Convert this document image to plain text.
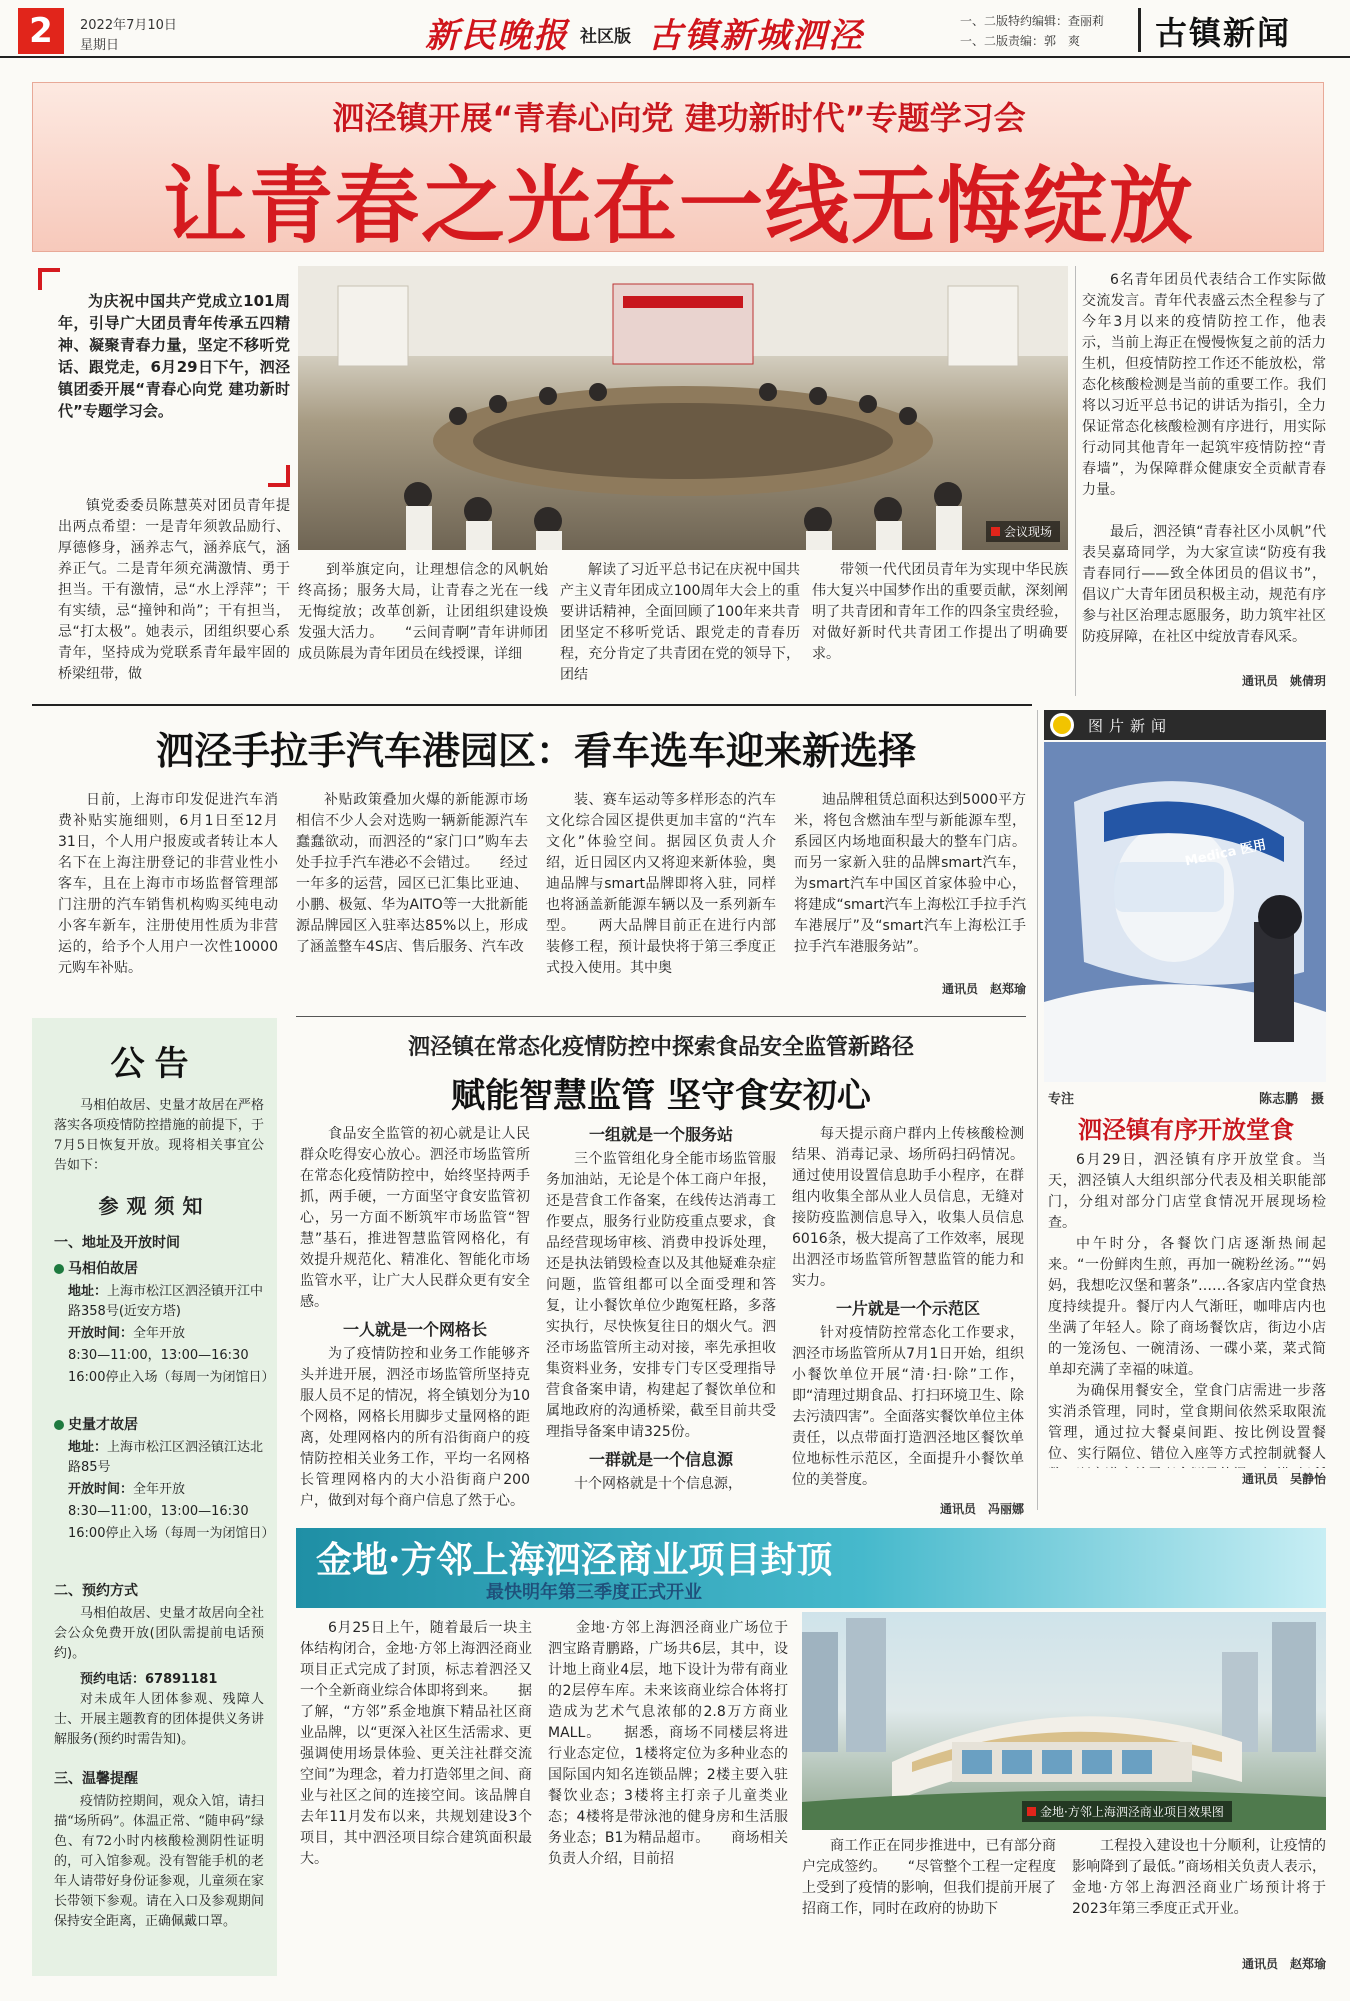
2	2022年7月10日
星期日	新民晚报 社区版 古镇新城泗泾	一、二版特约编辑：查丽莉
一、二版责编：郭　爽 古镇新闻
泗泾镇开展“青春心向党 建功新时代”专题学习会
让青春之光在一线无悔绽放
为庆祝中国共产党成立101周年，引导广大团员青年传承五四精神、凝聚青春力量，坚定不移听党话、跟党走，6月29日下午，泗泾镇团委开展“青春心向党 建功新时代”专题学习会。
镇党委委员陈慧英对团员青年提出两点希望：一是青年须敦品励行、厚德修身，涵养志气，涵养底气，涵养正气。二是青年须充满激情、勇于担当。干有激情，忌“水上浮萍”；干有实绩，忌“撞钟和尚”；干有担当，忌“打太极”。她表示，团组织要心系青年，坚持成为党联系青年最牢固的桥梁纽带，做
会议现场
到举旗定向，让理想信念的风帆始终高扬；服务大局，让青春之光在一线无悔绽放；改革创新，让团组织建设焕发强大活力。　　“云间青啊”青年讲师团成员陈晨为青年团员在线授课，详细
解读了习近平总书记在庆祝中国共产主义青年团成立100周年大会上的重要讲话精神，全面回顾了100年来共青团坚定不移听党话、跟党走的青春历程，充分肯定了共青团在党的领导下，团结
带领一代代团员青年为实现中华民族伟大复兴中国梦作出的重要贡献，深刻阐明了共青团和青年工作的四条宝贵经验，对做好新时代共青团工作提出了明确要求。
6名青年团员代表结合工作实际做交流发言。青年代表盛云杰全程参与了今年3月以来的疫情防控工作，他表示，当前上海正在慢慢恢复之前的活力生机，但疫情防控工作还不能放松，常态化核酸检测是当前的重要工作。我们将以习近平总书记的讲话为指引，全力保证常态化核酸检测有序进行，用实际行动同其他青年一起筑牢疫情防控“青春墙”，为保障群众健康安全贡献青春力量。
最后，泗泾镇“青春社区小凤帆”代表吴嘉琦同学，为大家宣读“防疫有我 青春同行——致全体团员的倡议书”，倡议广大青年团员积极主动，规范有序参与社区治理志愿服务，助力筑牢社区防疫屏障，在社区中绽放青春风采。
通讯员　姚倩玥
泗泾手拉手汽车港园区：看车选车迎来新选择
日前，上海市印发促进汽车消费补贴实施细则，6月1日至12月31日，个人用户报废或者转让本人名下在上海注册登记的非营业性小客车，且在上海市市场监督管理部门注册的汽车销售机构购买纯电动小客车新车，注册使用性质为非营运的，给予个人用户一次性10000元购车补贴。
补贴政策叠加火爆的新能源市场相信不少人会对选购一辆新能源汽车蠢蠢欲动，而泗泾的“家门口”购车去处手拉手汽车港必不会错过。　　经过一年多的运营，园区已汇集比亚迪、小鹏、极氪、华为AITO等一大批新能源品牌园区入驻率达85%以上，形成了涵盖整车4S店、售后服务、汽车改
装、赛车运动等多样形态的汽车文化综合园区提供更加丰富的“汽车文化”体验空间。据园区负责人介绍，近日园区内又将迎来新体验，奥迪品牌与smart品牌即将入驻，同样也将涵盖新能源车辆以及一系列新车型。　　两大品牌目前正在进行内部装修工程，预计最快将于第三季度正式投入使用。其中奥
迪品牌租赁总面积达到5000平方米，将包含燃油车型与新能源车型，系园区内场地面积最大的整车门店。而另一家新入驻的品牌smart汽车，为smart汽车中国区首家体验中心，将建成“smart汽车上海松江手拉手汽车港展厅”及“smart汽车上海松江手拉手汽车港服务站”。
通讯员　赵郑瑜
图片新闻
Medica 医用
专注	陈志鹏　摄
泗泾镇有序开放堂食

6月29日，泗泾镇有序开放堂食。当天，泗泾镇人大组织部分代表及相关职能部门，分组对部分门店堂食情况开展现场检查。

中午时分，各餐饮门店逐渐热闹起来。“一份鲜肉生煎，再加一碗粉丝汤。”“妈妈，我想吃汉堡和薯条”……各家店内堂食热度持续提升。餐厅内人气渐旺，咖啡店内也坐满了年轻人。除了商场餐饮店，街边小店的一笼汤包、一碗清汤、一碟小菜，菜式简单却充满了幸福的味道。

为确保用餐安全，堂食门店需进一步落实消杀管理，同时，堂食期间依然采取限流管理，通过拉大餐桌间距、按比例设置餐位、实行隔位、错位入座等方式控制就餐人

通讯员　吴静怡
公告
马相伯故居、史量才故居在严格落实各项疫情防控措施的前提下，于7月5日恢复开放。现将相关事宜公告如下：
参观须知
一、地址及开放时间
马相伯故居
地址：上海市松江区泗泾镇开江中路358号(近安方塔)
开放时间：全年开放
8:30—11:00，13:00—16:30
16:00停止入场（每周一为闭馆日）
史量才故居
地址：上海市松江区泗泾镇江达北路85号
开放时间：全年开放
8:30—11:00，13:00—16:30
16:00停止入场（每周一为闭馆日）
二、预约方式
马相伯故居、史量才故居向全社会公众免费开放(团队需提前电话预约)。
预约电话：67891181
对未成年人团体参观、残障人士、开展主题教育的团体提供义务讲解服务(预约时需告知)。
三、温馨提醒
疫情防控期间，观众入馆，请扫描“场所码”。体温正常、“随申码”绿色、有72小时内核酸检测阴性证明的，可入馆参观。没有智能手机的老年人请带好身份证参观，儿童须在家长带领下参观。请在入口及参观期间保持安全距离，正确佩戴口罩。
泗泾镇在常态化疫情防控中探索食品安全监管新路径
赋能智慧监管 坚守食安初心

食品安全监管的初心就是让人民群众吃得安心放心。泗泾市场监管所在常态化疫情防控中，始终坚持两手抓，两手硬，一方面坚守食安监管初心，另一方面不断筑牢市场监管“智慧”基石，推进智慧监管网格化，有效提升规范化、精准化、智能化市场监管水平，让广大人民群众更有安全感。

一人就是一个网格长

为了疫情防控和业务工作能够齐头并进开展，泗泾市场监管所坚持克服人员不足的情况，将全镇划分为10个网格，网格长用脚步丈量网格的距离，处理网格内的所有沿街商户的疫情防控相关业务工作，平均一名网格长管理网格内的大小沿街商户200户，做到对每个商户信息了然于心。

一组就是一个服务站

三个监管组化身全能市场监管服务加油站，无论是个体工商户年报，还是营食工作备案，在线传达消毒工作要点，服务行业防疫重点要求，食品经营现场审核、消费申投诉处理，还是执法销毁检查以及其他疑难杂症问题，监管组都可以全面受理和答复，让小餐饮单位少跑冤枉路，多落实执行，尽快恢复往日的烟火气。泗泾市场监管所主动对接，率先承担收集资料业务，安排专门专区受理指导营食备案申请，构建起了餐饮单位和属地政府的沟通桥梁，截至目前共受理指导备案申请325份。

一群就是一个信息源

十个网格就是十个信息源，

每天提示商户群内上传核酸检测结果、消毒记录、场所码扫码情况。通过使用设置信息助手小程序，在群组内收集全部从业人员信息，无缝对接防疫监测信息导入，收集人员信息6016条，极大提高了工作效率，展现出泗泾市场监管所智慧监管的能力和实力。

一片就是一个示范区

针对疫情防控常态化工作要求，泗泾市场监管所从7月1日开始，组织小餐饮单位开展“清·扫·除”工作，即“清理过期食品、打扫环境卫生、除去污渍四害”。全面落实餐饮单位主体责任，以点带面打造泗泾地区餐饮单位地标性示范区，全面提升小餐饮单位的美誉度。

通讯员　冯丽娜
金地·方邻上海泗泾商业项目封顶
最快明年第三季度正式开业
6月25日上午，随着最后一块主体结构闭合，金地·方邻上海泗泾商业项目正式完成了封顶，标志着泗泾又一个全新商业综合体即将到来。　　据了解，“方邻”系金地旗下精品社区商业品牌，以“更深入社区生活需求、更强调使用场景体验、更关注社群交流空间”为理念，着力打造邻里之间、商业与社区之间的连接空间。该品牌自去年11月发布以来，共规划建设3个项目，其中泗泾项目综合建筑面积最大。
金地·方邻上海泗泾商业广场位于泗宝路青鹏路，广场共6层，其中，设计地上商业4层，地下设计为带有商业的2层停车库。未来该商业综合体将打造成为艺术气息浓郁的2.8万方商业MALL。　　据悉，商场不同楼层将进行业态定位，1楼将定位为多种业态的国际国内知名连锁品牌；2楼主要入驻餐饮业态；3楼将主打亲子儿童类业态；4楼将是带泳池的健身房和生活服务业态；B1为精品超市。　　商场相关负责人介绍，目前招
金地·方邻上海泗泾商业项目效果图
商工作正在同步推进中，已有部分商户完成签约。　　“尽管整个工程一定程度上受到了疫情的影响，但我们提前开展了招商工作，同时在政府的协助下
工程投入建设也十分顺利，让疫情的影响降到了最低。”商场相关负责人表示，金地·方邻上海泗泾商业广场预计将于2023年第三季度正式开业。
通讯员　赵郑瑜
